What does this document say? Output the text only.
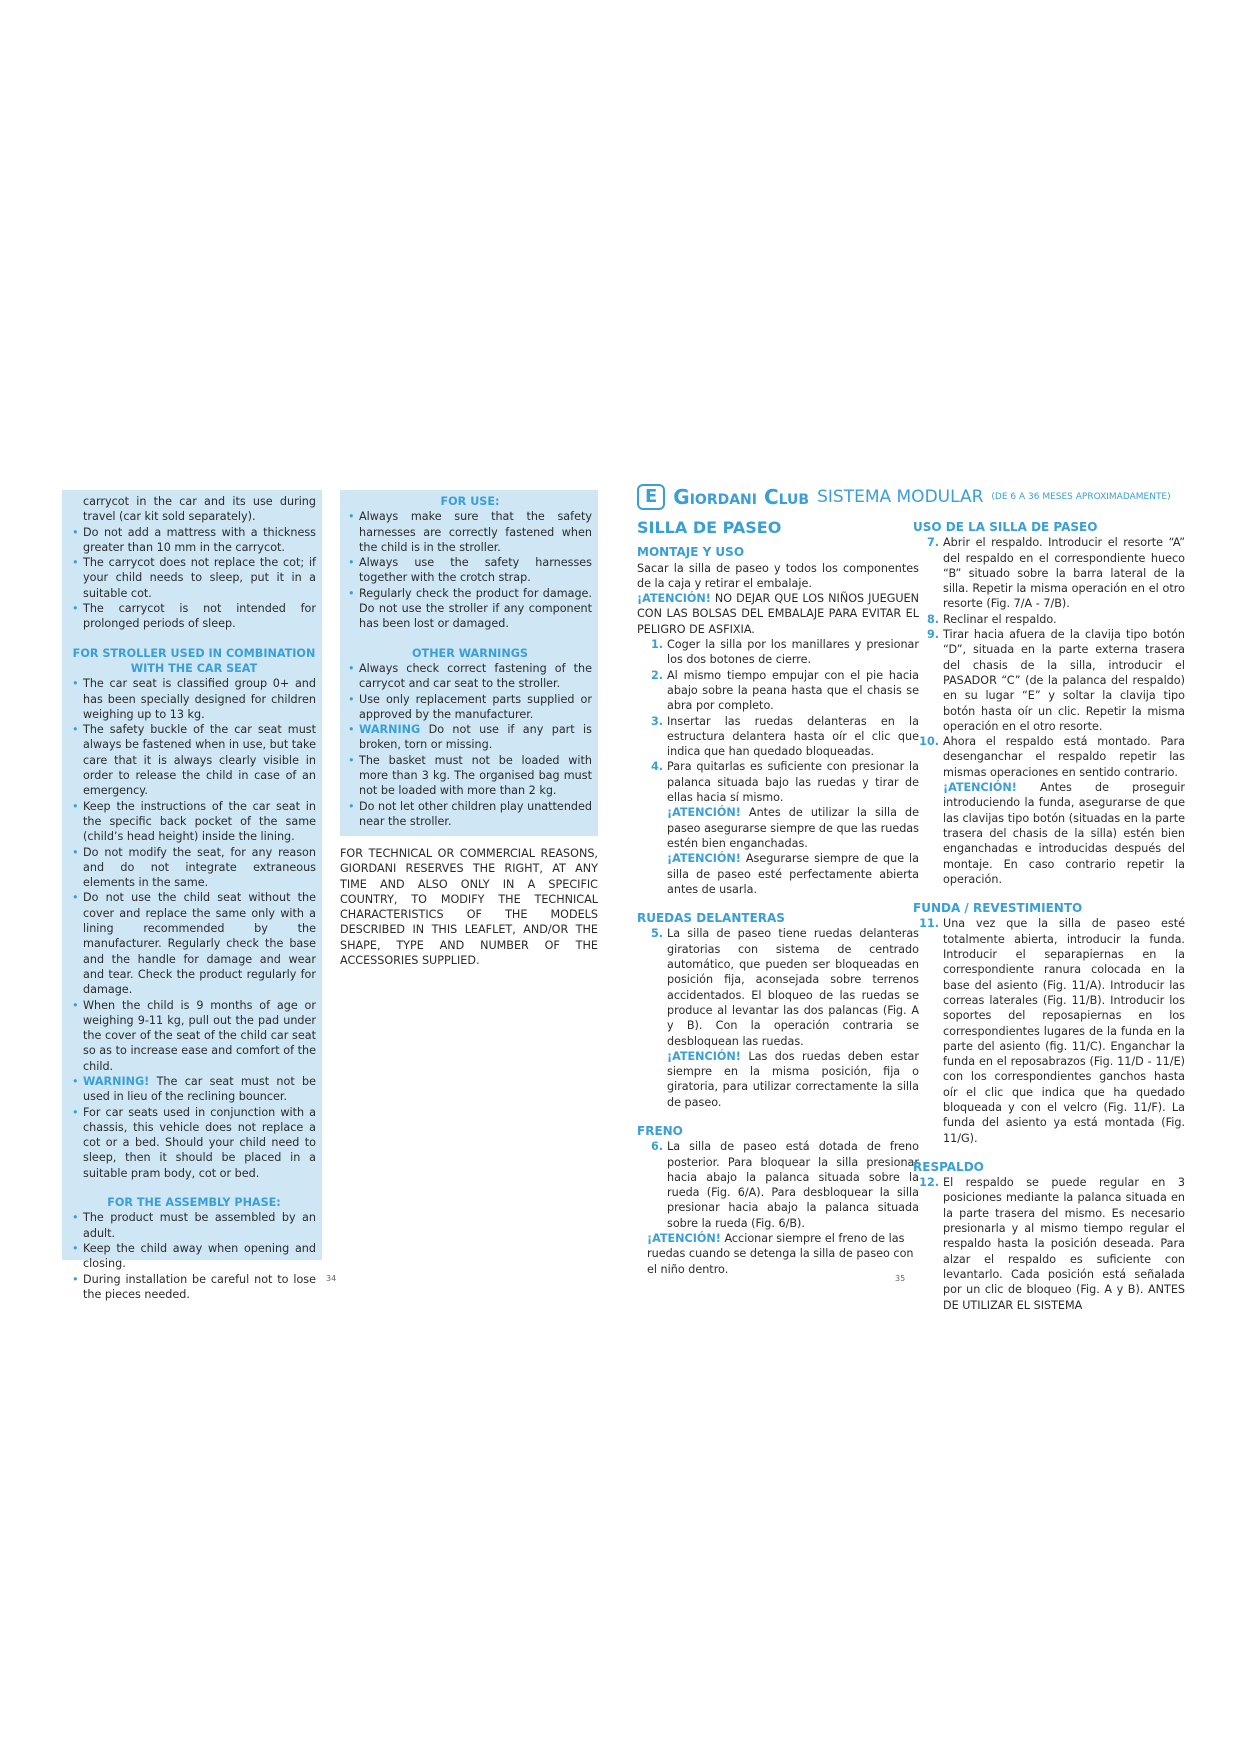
carrycot in the car and its use during travel (car kit sold separately).

• Do not add a mattress with a thickness greater than 10 mm in the carrycot.
• The carrycot does not replace the cot; if your child needs to sleep, put it in a suitable cot.
• The carrycot is not intended for prolonged periods of sleep.

FOR STROLLER USED IN COMBINATION WITH THE CAR SEAT

• The car seat is classified group 0+ and has been specially designed for children weighing up to 13 kg.
• The safety buckle of the car seat must always be fastened when in use, but take care that it is always clearly visible in order to release the child in case of an emergency.
• Keep the instructions of the car seat in the specific back pocket of the same (child’s head height) inside the lining.
• Do not modify the seat, for any reason and do not integrate extraneous elements in the same.
• Do not use the child seat without the cover and replace the same only with a lining recommended by the manufacturer. Regularly check the base and the handle for damage and wear and tear. Check the product regularly for damage.
• When the child is 9 months of age or weighing 9-11 kg, pull out the pad under the cover of the seat of the child car seat so as to increase ease and comfort of the child.
• WARNING! The car seat must not be used in lieu of the reclining bouncer.
• For car seats used in conjunction with a chassis, this vehicle does not replace a cot or a bed. Should your child need to sleep, then it should be placed in a suitable pram body, cot or bed.

FOR THE ASSEMBLY PHASE:

• The product must be assembled by an adult.
• Keep the child away when opening and closing.
• During installation be careful not to lose the pieces needed.

FOR USE:

• Always make sure that the safety harnesses are correctly fastened when the child is in the stroller.
• Always use the safety harnesses together with the crotch strap.
• Regularly check the product for damage. Do not use the stroller if any component has been lost or damaged.

OTHER WARNINGS

• Always check correct fastening of the carrycot and car seat to the stroller.
• Use only replacement parts supplied or approved by the manufacturer.
• WARNING Do not use if any part is broken, torn or missing.
• The basket must not be loaded with more than 3 kg. The organised bag must not be loaded with more than 2 kg.
• Do not let other children play unattended near the stroller.

FOR TECHNICAL OR COMMERCIAL REASONS, GIORDANI RESERVES THE RIGHT, AT ANY TIME AND ALSO ONLY IN A SPECIFIC COUNTRY, TO MODIFY THE TECHNICAL CHARACTERISTICS OF THE MODELS DESCRIBED IN THIS LEAFLET, AND/OR THE SHAPE, TYPE AND NUMBER OF THE ACCESSORIES SUPPLIED.

34
E Giordani Club SISTEMA MODULAR (DE 6 A 36 MESES APROXIMADAMENTE)

SILLA DE PASEO

MONTAJE Y USO

Sacar la silla de paseo y todos los componentes de la caja y retirar el embalaje.

¡ATENCIÓN! NO DEJAR QUE LOS NIÑOS JUEGUEN CON LAS BOLSAS DEL EMBALAJE PARA EVITAR EL PELIGRO DE ASFIXIA.

1. Coger la silla por los manillares y presionar los dos botones de cierre.
2. Al mismo tiempo empujar con el pie hacia abajo sobre la peana hasta que el chasis se abra por completo.
3. Insertar las ruedas delanteras en la estructura delantera hasta oír el clic que indica que han quedado bloqueadas.
4. Para quitarlas es suficiente con presionar la palanca situada bajo las ruedas y tirar de ellas hacia sí mismo.
¡ATENCIÓN! Antes de utilizar la silla de paseo asegurarse siempre de que las ruedas estén bien enganchadas.
¡ATENCIÓN! Asegurarse siempre de que la silla de paseo esté perfectamente abierta antes de usarla.

RUEDAS DELANTERAS

5. La silla de paseo tiene ruedas delanteras giratorias con sistema de centrado automático, que pueden ser bloqueadas en posición fija, aconsejada sobre terrenos accidentados. El bloqueo de las ruedas se produce al levantar las dos palancas (Fig. A y B). Con la operación contraria se desbloquean las ruedas.
¡ATENCIÓN! Las dos ruedas deben estar siempre en la misma posición, fija o giratoria, para utilizar correctamente la silla de paseo.

FRENO

6. La silla de paseo está dotada de freno posterior. Para bloquear la silla presionar hacia abajo la palanca situada sobre la rueda (Fig. 6/A). Para desbloquear la silla presionar hacia abajo la palanca situada sobre la rueda (Fig. 6/B).
¡ATENCIÓN! Accionar siempre el freno de las ruedas cuando se detenga la silla de paseo con el niño dentro.
35

USO DE LA SILLA DE PASEO

7. Abrir el respaldo. Introducir el resorte “A” del respaldo en el correspondiente hueco “B” situado sobre la barra lateral de la silla. Repetir la misma operación en el otro resorte (Fig. 7/A - 7/B).
8. Reclinar el respaldo.
9. Tirar hacia afuera de la clavija tipo botón “D”, situada en la parte externa trasera del chasis de la silla, introducir el PASADOR “C” (de la palanca del respaldo) en su lugar “E” y soltar la clavija tipo botón hasta oír un clic. Repetir la misma operación en el otro resorte.
10. Ahora el respaldo está montado. Para desenganchar el respaldo repetir las mismas operaciones en sentido contrario.
¡ATENCIÓN! Antes de proseguir introduciendo la funda, asegurarse de que las clavijas tipo botón (situadas en la parte trasera del chasis de la silla) estén bien enganchadas e introducidas después del montaje. En caso contrario repetir la operación.

FUNDA / REVESTIMIENTO

11. Una vez que la silla de paseo esté totalmente abierta, introducir la funda. Introducir el separapiernas en la correspondiente ranura colocada en la base del asiento (Fig. 11/A). Introducir las correas laterales (Fig. 11/B). Introducir los soportes del reposapiernas en los correspondientes lugares de la funda en la parte del asiento (fig. 11/C). Enganchar la funda en el reposabrazos (Fig. 11/D - 11/E) con los correspondientes ganchos hasta oír el clic que indica que ha quedado bloqueada y con el velcro (Fig. 11/F). La funda del asiento ya está montada (Fig. 11/G).

RESPALDO

12. El respaldo se puede regular en 3 posiciones mediante la palanca situada en la parte trasera del mismo. Es necesario presionarla y al mismo tiempo regular el respaldo hasta la posición deseada. Para alzar el respaldo es suficiente con levantarlo. Cada posición está señalada por un clic de bloqueo (Fig. A y B). ANTES DE UTILIZAR EL SISTEMA
